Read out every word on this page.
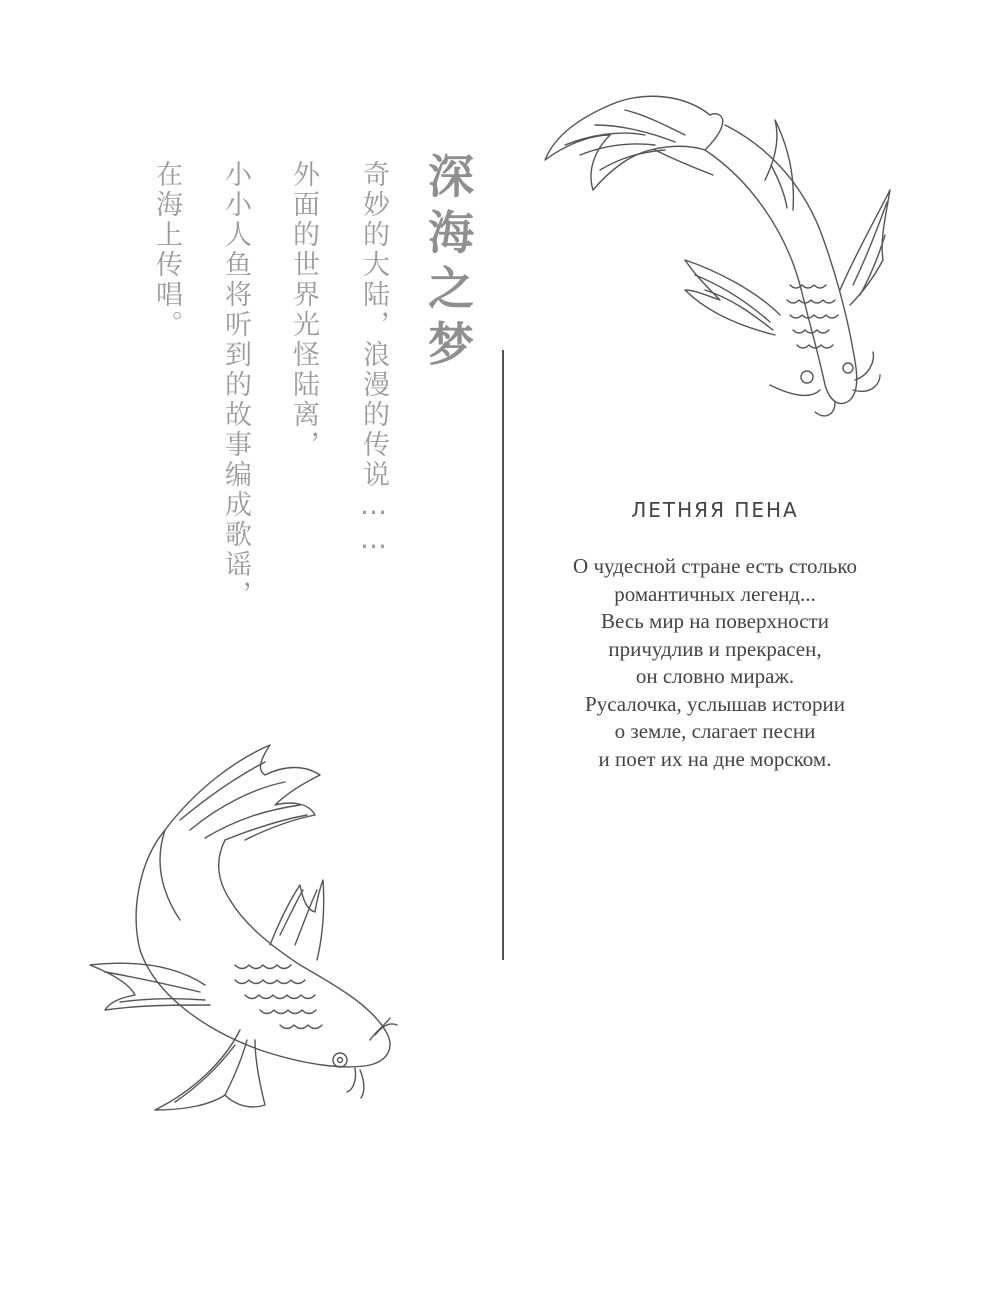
深海之梦

奇妙的大陆，浪漫的传说……

外面的世界光怪陆离，

小小人鱼将听到的故事编成歌谣，

在海上传唱。

ЛЕТНЯЯ ПЕНА
О чудесной стране есть столько
романтичных легенд...
Весь мир на поверхности
причудлив и прекрасен,
он словно мираж.
Русалочка, услышав истории
о земле, слагает песни
и поет их на дне морском.
